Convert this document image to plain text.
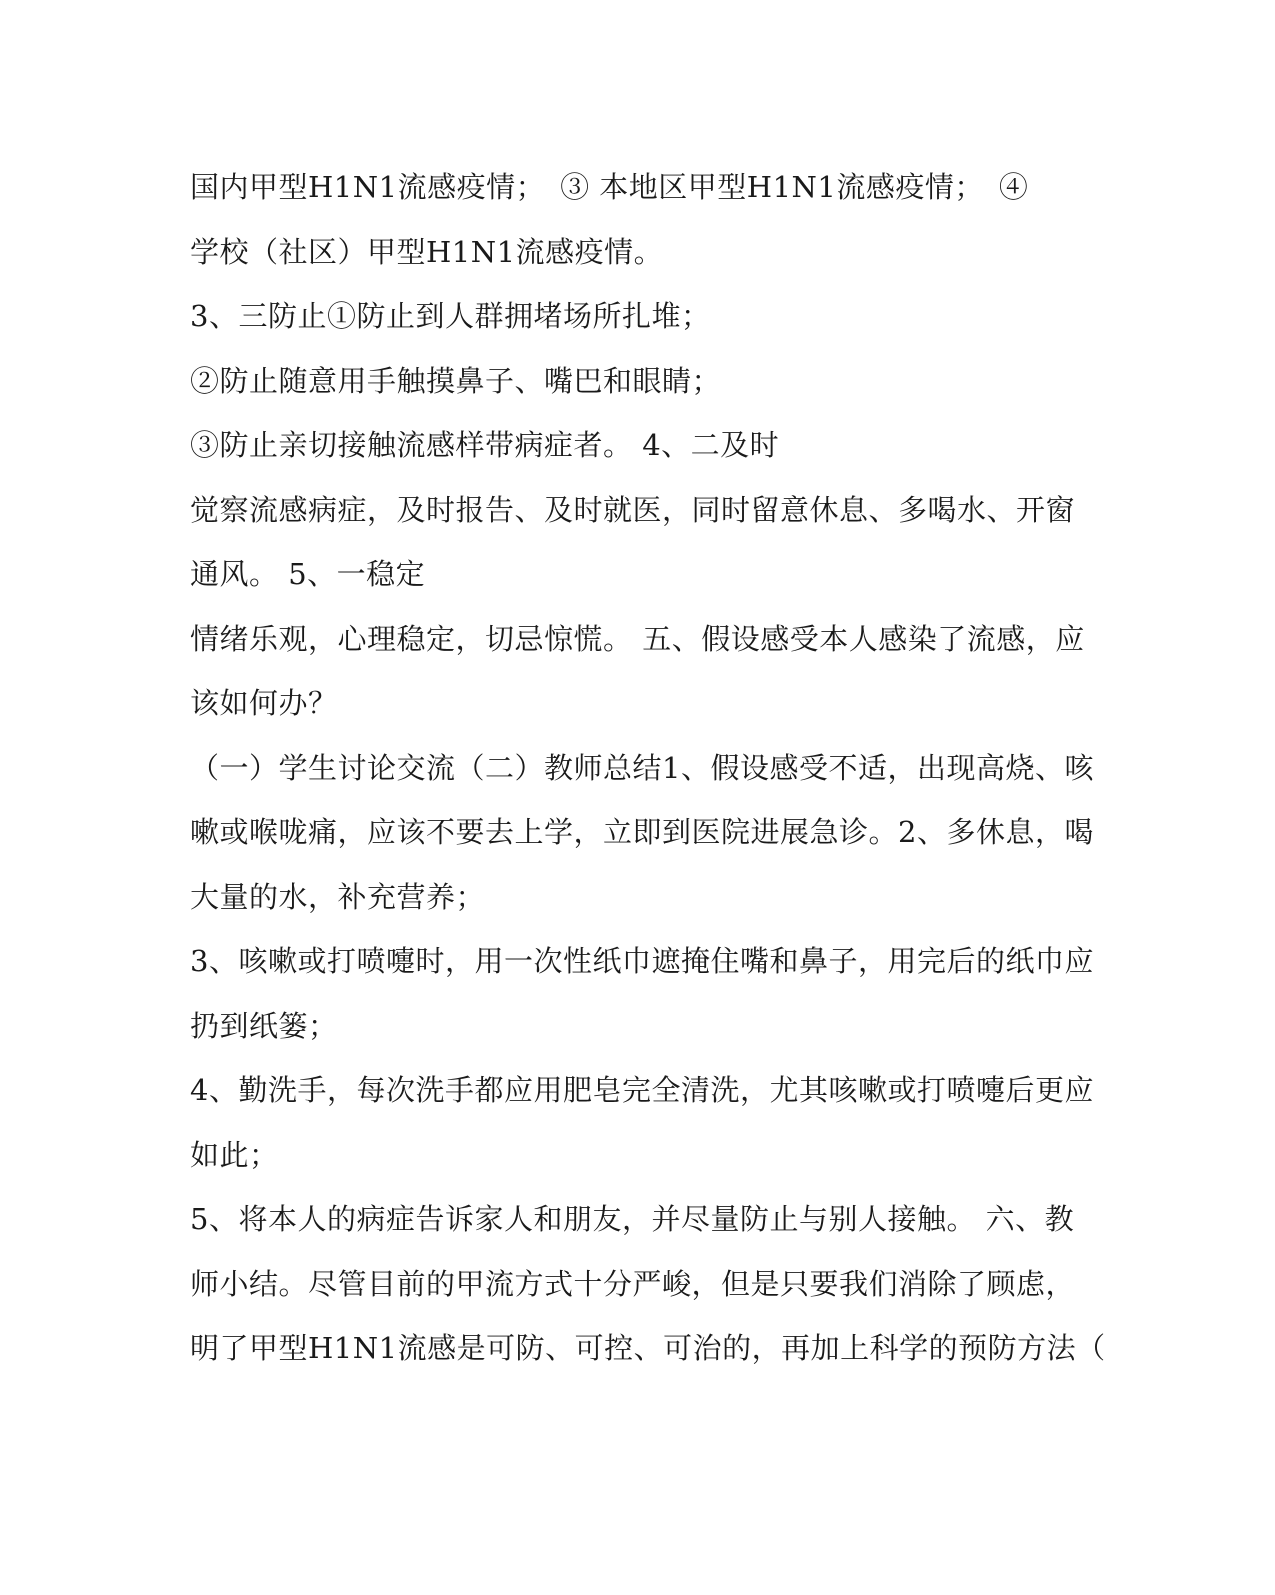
国内甲型H1N1流感疫情；　③ 本地区甲型H1N1流感疫情；　④
学校（社区）甲型H1N1流感疫情。
3、三防止①防止到人群拥堵场所扎堆；
②防止随意用手触摸鼻子、嘴巴和眼睛；
③防止亲切接触流感样带病症者。 4、二及时
觉察流感病症，及时报告、及时就医，同时留意休息、多喝水、开窗
通风。 5、一稳定
情绪乐观，心理稳定，切忌惊慌。 五、假设感受本人感染了流感，应
该如何办？
（一）学生讨论交流（二）教师总结1、假设感受不适，出现高烧、咳
嗽或喉咙痛，应该不要去上学，立即到医院进展急诊。2、多休息，喝
大量的水，补充营养；
3、咳嗽或打喷嚏时，用一次性纸巾遮掩住嘴和鼻子，用完后的纸巾应
扔到纸篓；
4、勤洗手，每次洗手都应用肥皂完全清洗，尤其咳嗽或打喷嚏后更应
如此；
5、将本人的病症告诉家人和朋友，并尽量防止与别人接触。 六、教
师小结。尽管目前的甲流方式十分严峻，但是只要我们消除了顾虑，
明了甲型H1N1流感是可防、可控、可治的，再加上科学的预防方法（
